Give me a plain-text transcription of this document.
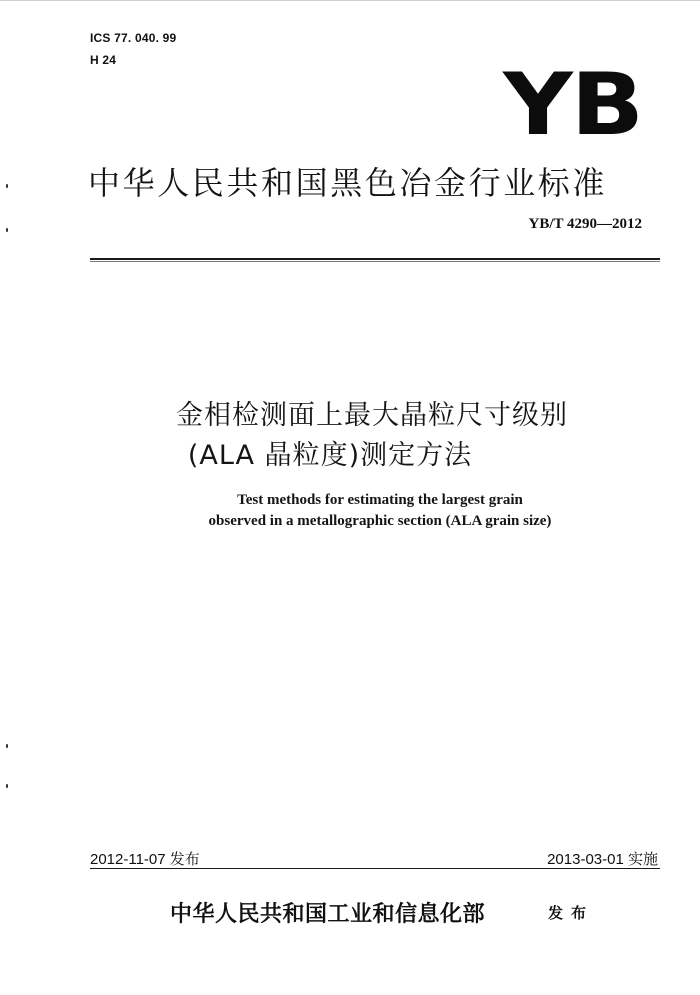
ICS 77. 040. 99
H 24	YB
中华人民共和国黑色冶金行业标准
YB/T 4290—2012
金相检测面上最大晶粒尺寸级别
(ALA 晶粒度)测定方法
Test methods for estimating the largest grain
observed in a metallographic section (ALA grain size)
2012-11-07 发布	2013-03-01 实施
中华人民共和国工业和信息化部	发布
